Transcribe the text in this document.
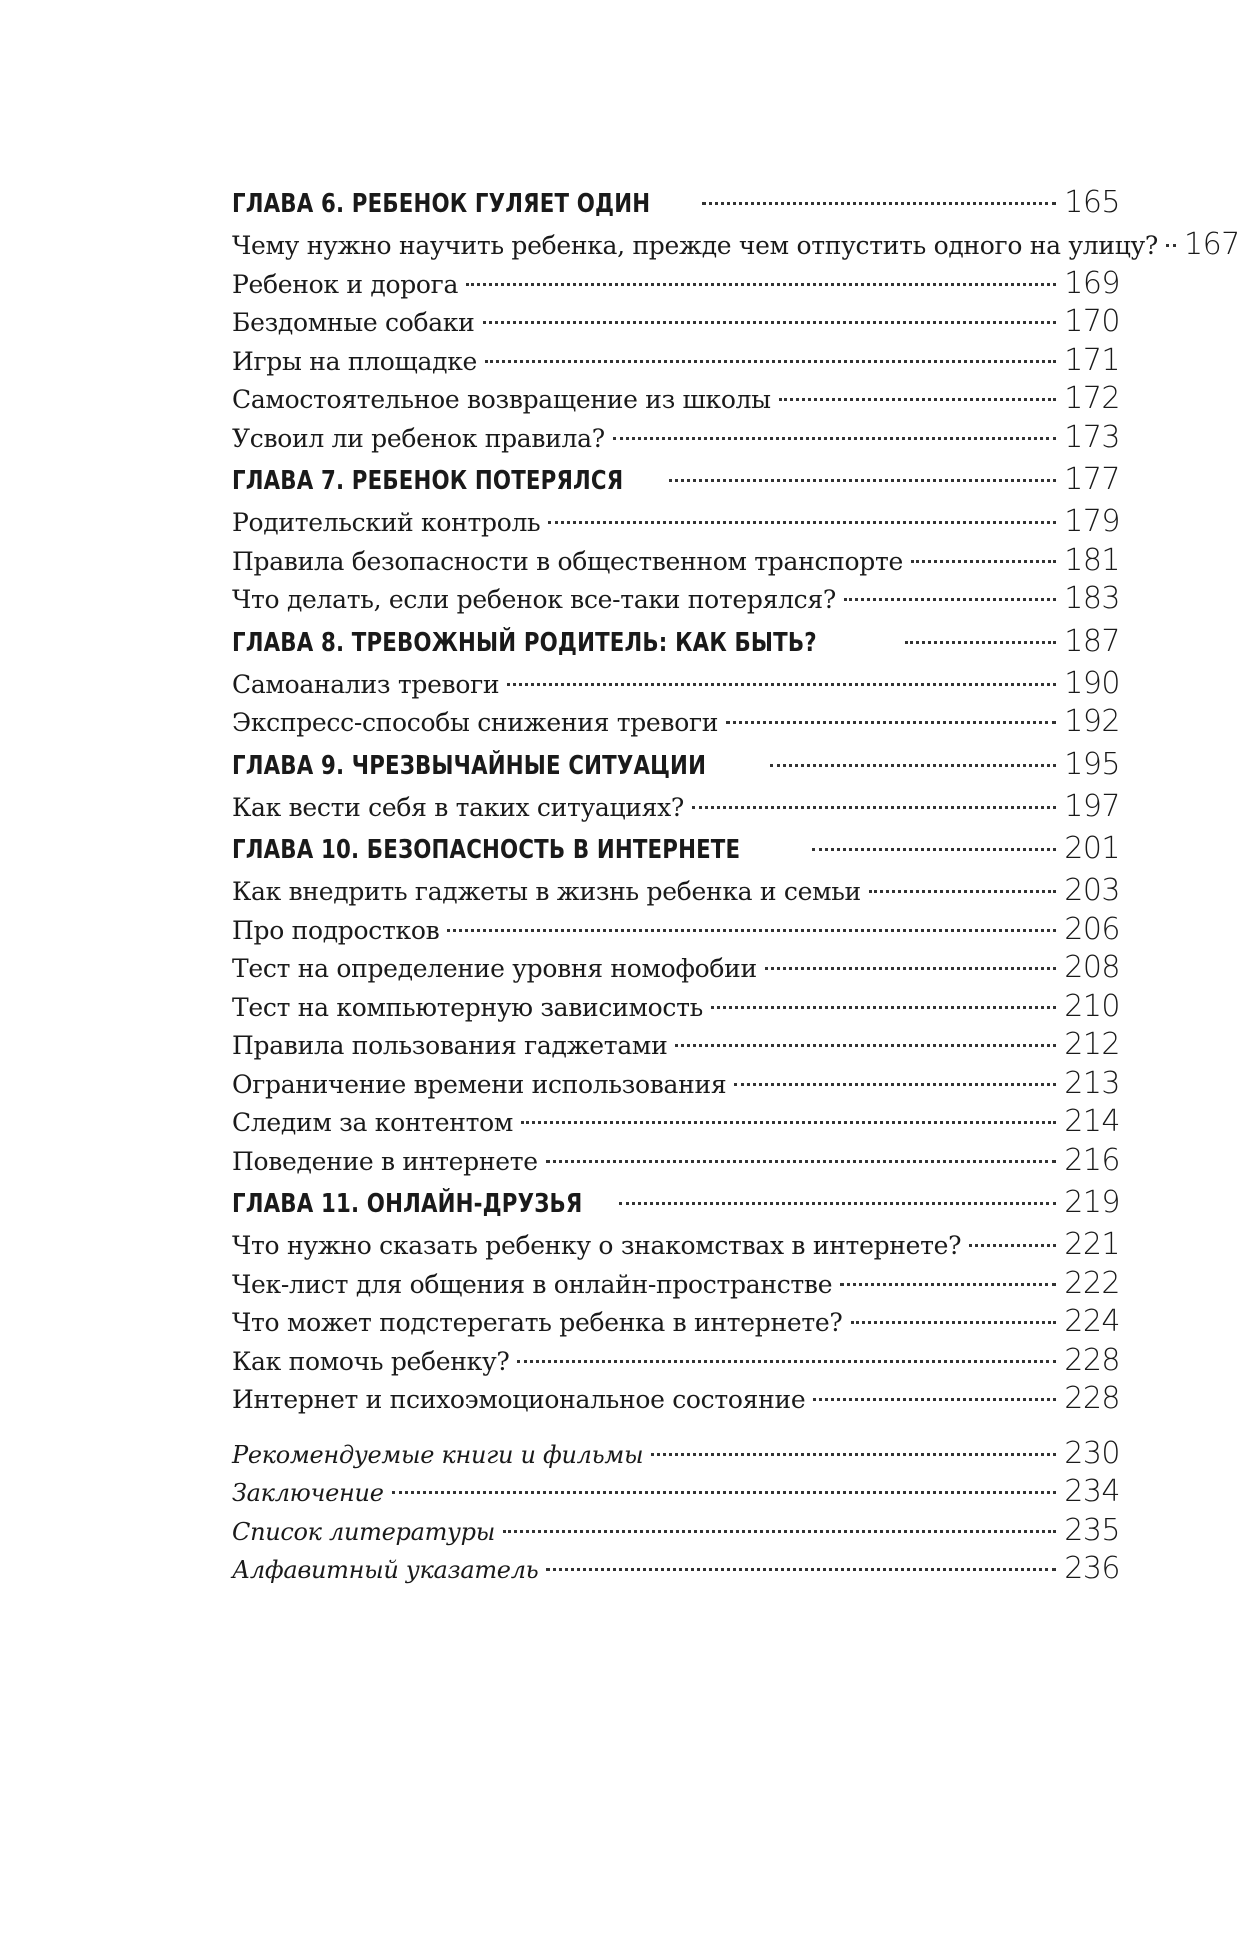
ГЛАВА 6. РЕБЕНОК ГУЛЯЕТ ОДИН	165
Чему нужно научить ребенка, прежде чем отпустить одного на улицу? 167
Ребенок и дорога	169
Бездомные собаки	170
Игры на площадке	171
Самостоятельное возвращение из школы	172
Усвоил ли ребенок правила?	173
ГЛАВА 7. РЕБЕНОК ПОТЕРЯЛСЯ	177
Родительский контроль	179
Правила безопасности в общественном транспорте	181
Что делать, если ребенок все-таки потерялся?	183
ГЛАВА 8. ТРЕВОЖНЫЙ РОДИТЕЛЬ: КАК БЫТЬ?	187
Самоанализ тревоги	190
Экспресс-способы снижения тревоги	192
ГЛАВА 9. ЧРЕЗВЫЧАЙНЫЕ СИТУАЦИИ	195
Как вести себя в таких ситуациях?	197
ГЛАВА 10. БЕЗОПАСНОСТЬ В ИНТЕРНЕТЕ	201
Как внедрить гаджеты в жизнь ребенка и семьи	203
Про подростков	206
Тест на определение уровня номофобии	208
Тест на компьютерную зависимость	210
Правила пользования гаджетами	212
Ограничение времени использования	213
Следим за контентом	214
Поведение в интернете	216
ГЛАВА 11. ОНЛАЙН-ДРУЗЬЯ	219
Что нужно сказать ребенку о знакомствах в интернете?	221
Чек-лист для общения в онлайн-пространстве	222
Что может подстерегать ребенка в интернете?	224
Как помочь ребенку?	228
Интернет и психоэмоциональное состояние	228
Рекомендуемые книги и фильмы	230
Заключение	234
Список литературы	235
Алфавитный указатель	236
